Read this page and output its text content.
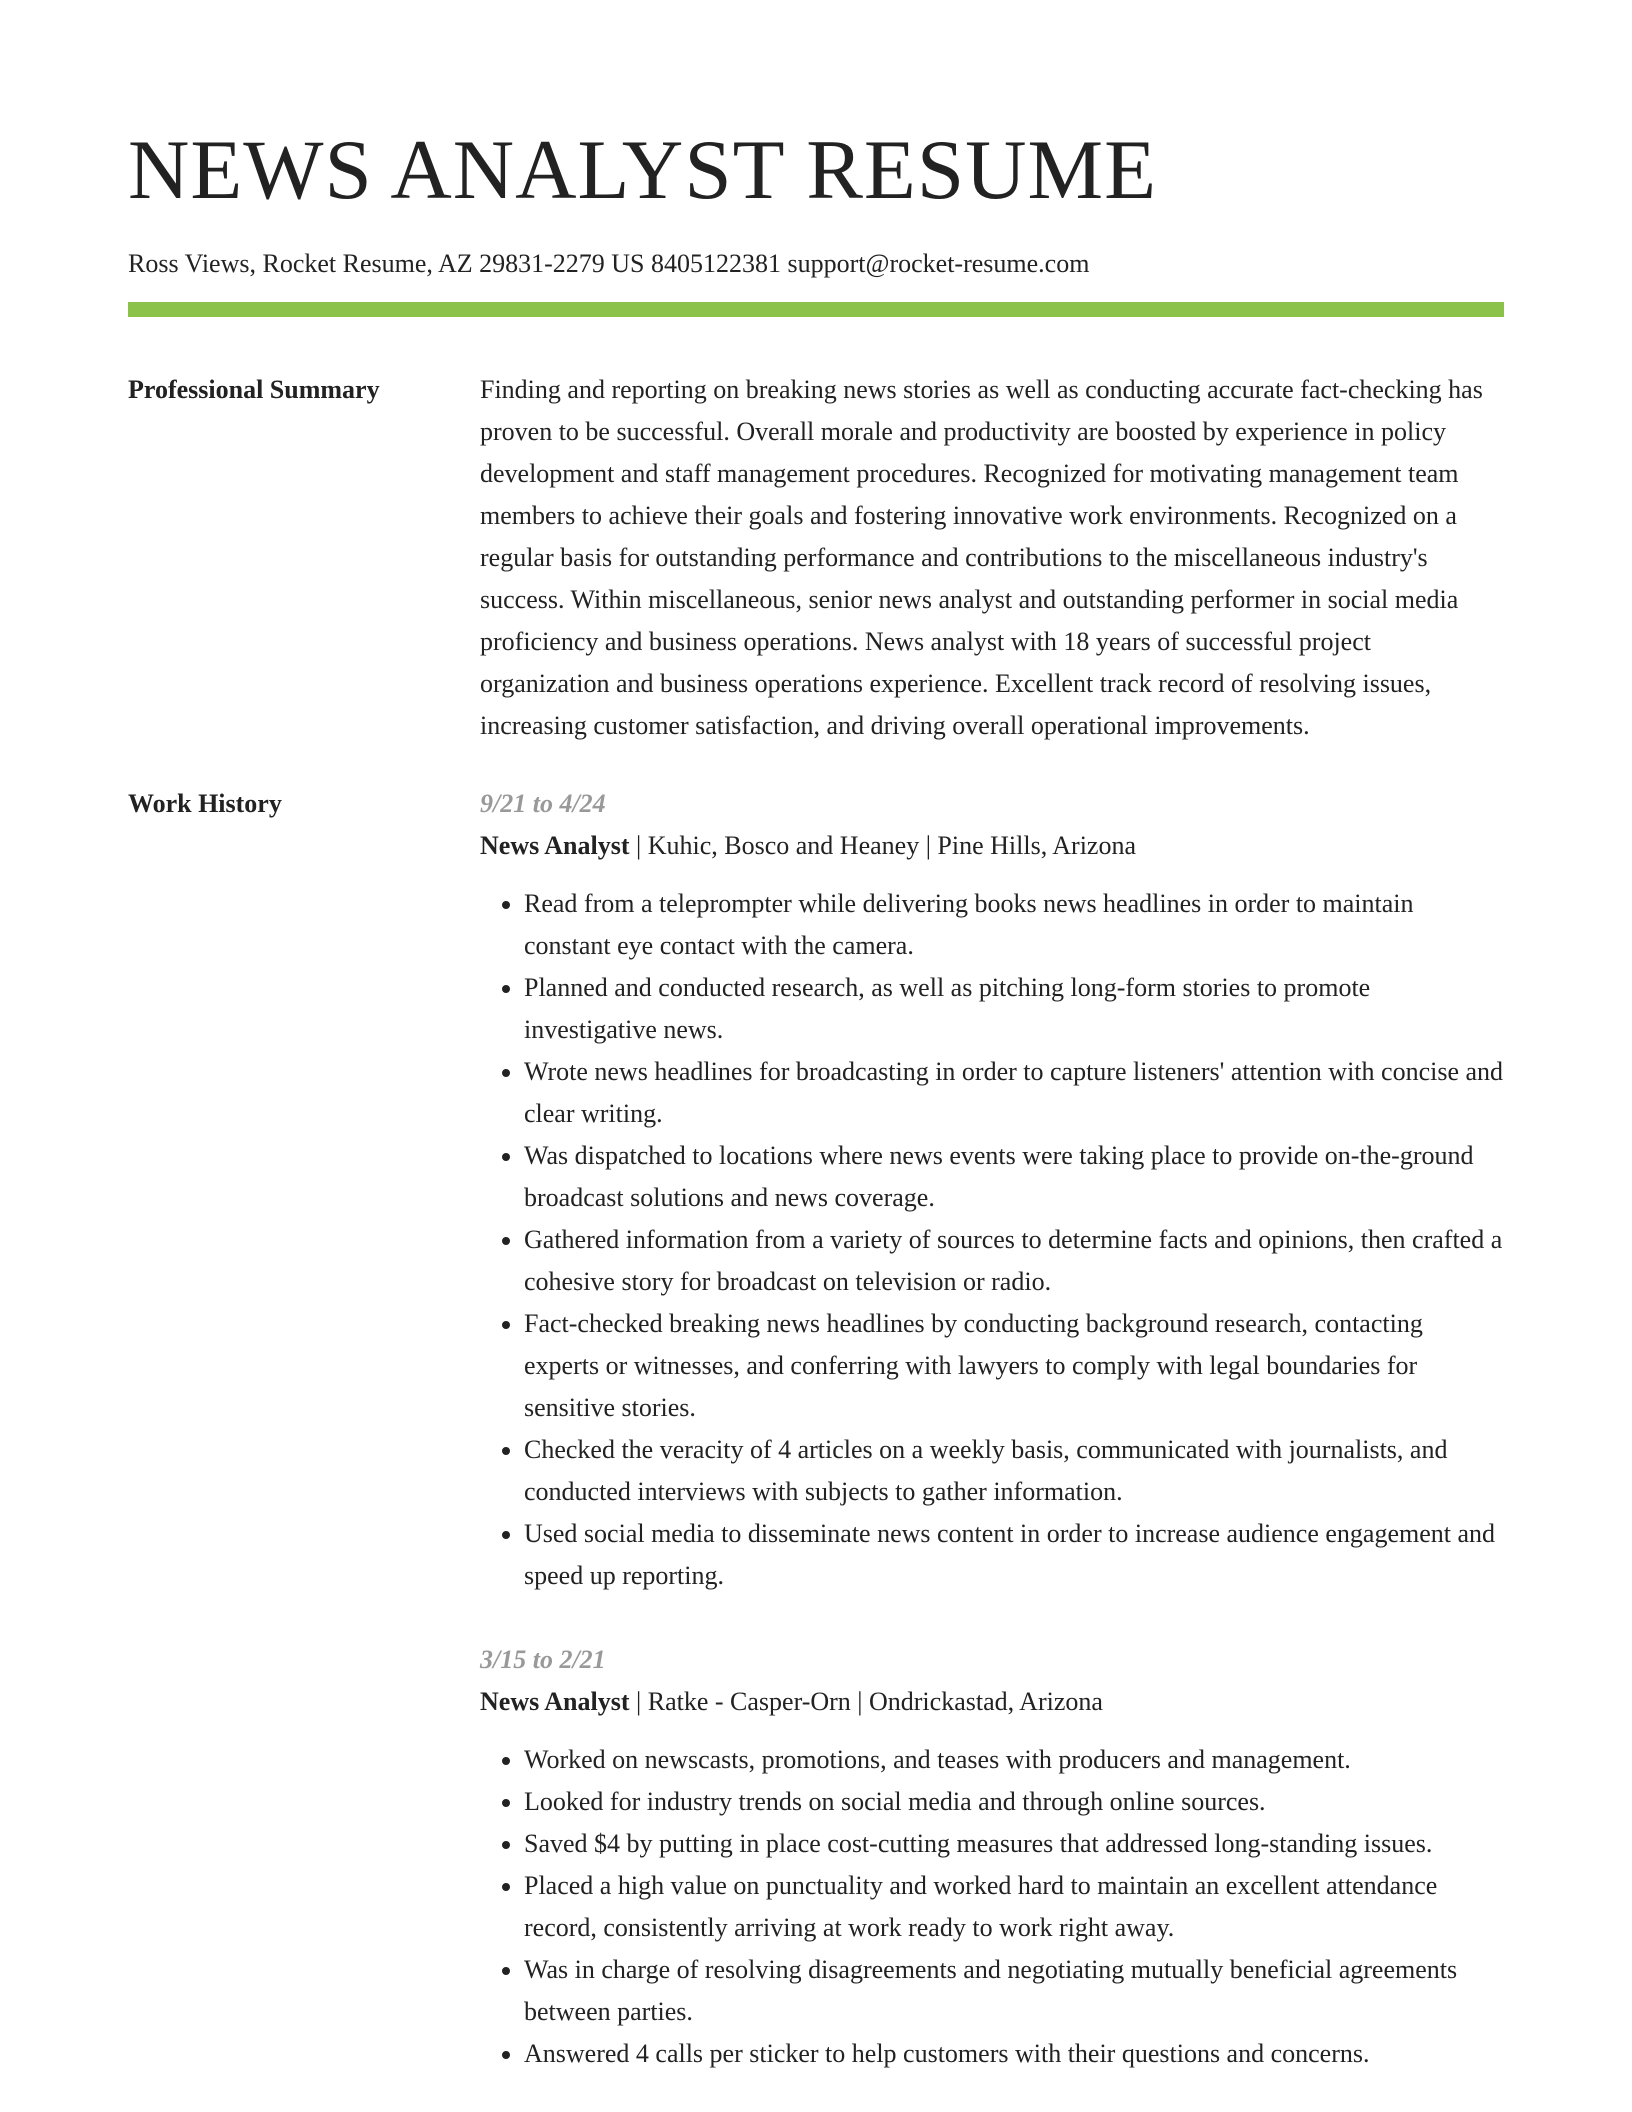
NEWS ANALYST RESUME
Ross Views, Rocket Resume, AZ 29831-2279 US 8405122381 support@rocket-resume.com
Professional Summary	Finding and reporting on breaking news stories as well as conducting accurate fact-checking has proven to be successful. Overall morale and productivity are boosted by experience in policy development and staff management procedures. Recognized for motivating management team members to achieve their goals and fostering innovative work environments. Recognized on a regular basis for outstanding performance and contributions to the miscellaneous industry's success. Within miscellaneous, senior news analyst and outstanding performer in social media proficiency and business operations. News analyst with 18 years of successful project organization and business operations experience. Excellent track record of resolving issues, increasing customer satisfaction, and driving overall operational improvements.

Work History	9/21 to 4/24
News Analyst | Kuhic, Bosco and Heaney | Pine Hills, Arizona
• Read from a teleprompter while delivering books news headlines in order to maintain constant eye contact with the camera.
• Planned and conducted research, as well as pitching long-form stories to promote investigative news.
• Wrote news headlines for broadcasting in order to capture listeners' attention with concise and clear writing.
• Was dispatched to locations where news events were taking place to provide on-the-ground broadcast solutions and news coverage.
• Gathered information from a variety of sources to determine facts and opinions, then crafted a cohesive story for broadcast on television or radio.
• Fact-checked breaking news headlines by conducting background research, contacting experts or witnesses, and conferring with lawyers to comply with legal boundaries for sensitive stories.
• Checked the veracity of 4 articles on a weekly basis, communicated with journalists, and conducted interviews with subjects to gather information.
• Used social media to disseminate news content in order to increase audience engagement and speed up reporting.
3/15 to 2/21
News Analyst | Ratke - Casper-Orn | Ondrickastad, Arizona
• Worked on newscasts, promotions, and teases with producers and management.
• Looked for industry trends on social media and through online sources.
• Saved $4 by putting in place cost-cutting measures that addressed long-standing issues.
• Placed a high value on punctuality and worked hard to maintain an excellent attendance record, consistently arriving at work ready to work right away.
• Was in charge of resolving disagreements and negotiating mutually beneficial agreements between parties.
• Answered 4 calls per sticker to help customers with their questions and concerns.
